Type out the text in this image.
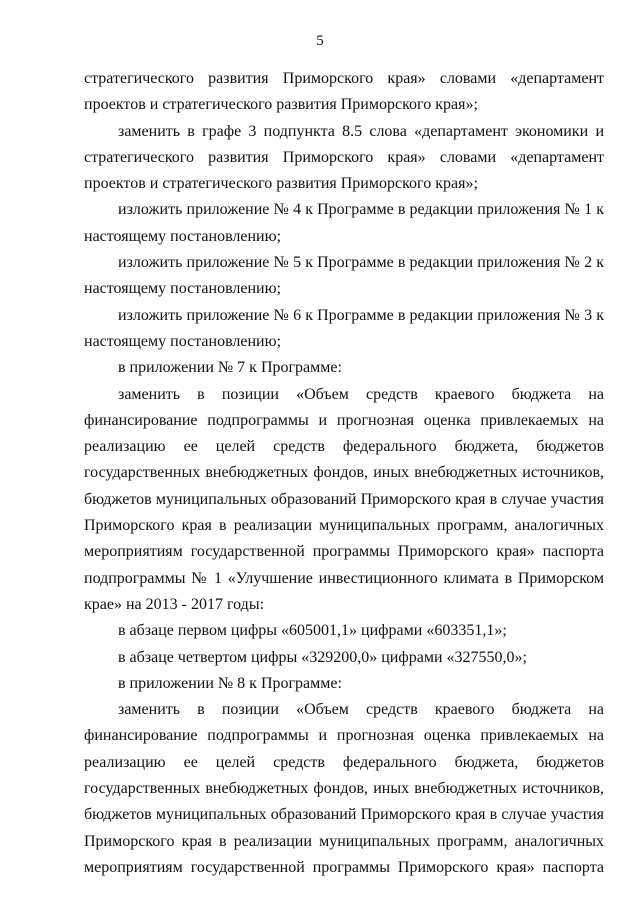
5

стратегического развития Приморского края» словами «департамент проектов и стратегического развития Приморского края»;

заменить в графе 3 подпункта 8.5 слова «департамент экономики и стратегического развития Приморского края» словами «департамент проектов и стратегического развития Приморского края»;

изложить приложение № 4 к Программе в редакции приложения № 1 к настоящему постановлению;

изложить приложение № 5 к Программе в редакции приложения № 2 к настоящему постановлению;

изложить приложение № 6 к Программе в редакции приложения № 3 к настоящему постановлению;

в приложении № 7 к Программе:

заменить в позиции «Объем средств краевого бюджета на финансирование подпрограммы и прогнозная оценка привлекаемых на реализацию ее целей средств федерального бюджета, бюджетов государственных внебюджетных фондов, иных внебюджетных источников, бюджетов муниципальных образований Приморского края в случае участия Приморского края в реализации муниципальных программ, аналогичных мероприятиям государственной программы Приморского края» паспорта подпрограммы № 1 «Улучшение инвестиционного климата в Приморском крае» на 2013 - 2017 годы:

в абзаце первом цифры «605001,1» цифрами «603351,1»;

в абзаце четвертом цифры «329200,0» цифрами «327550,0»;

в приложении № 8 к Программе:

заменить в позиции «Объем средств краевого бюджета на финансирование подпрограммы и прогнозная оценка привлекаемых на реализацию ее целей средств федерального бюджета, бюджетов государственных внебюджетных фондов, иных внебюджетных источников, бюджетов муниципальных образований Приморского края в случае участия Приморского края в реализации муниципальных программ, аналогичных мероприятиям государственной программы Приморского края» паспорта
